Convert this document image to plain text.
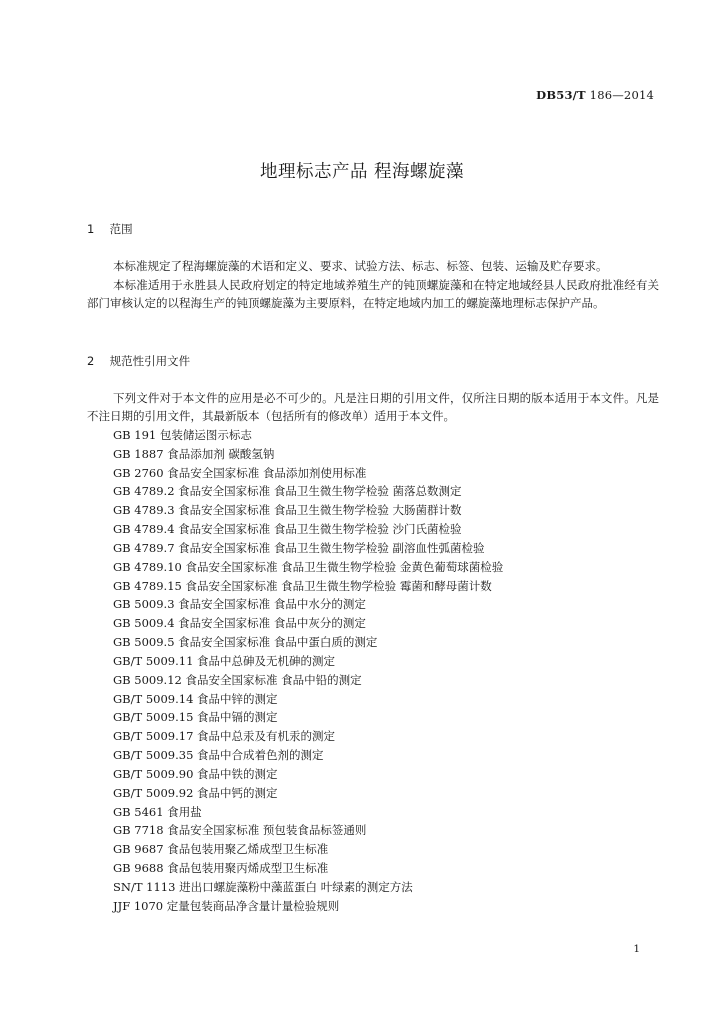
DB53/T 186—2014
地理标志产品 程海螺旋藻
1 范围
本标准规定了程海螺旋藻的术语和定义、要求、试验方法、标志、标签、包装、运输及贮存要求。
本标准适用于永胜县人民政府划定的特定地域养殖生产的钝顶螺旋藻和在特定地域经县人民政府批准经有关部门审核认定的以程海生产的钝顶螺旋藻为主要原料，在特定地域内加工的螺旋藻地理标志保护产品。
2 规范性引用文件
下列文件对于本文件的应用是必不可少的。凡是注日期的引用文件，仅所注日期的版本适用于本文件。凡是不注日期的引用文件，其最新版本（包括所有的修改单）适用于本文件。
GB 191 包装储运图示标志
GB 1887 食品添加剂 碳酸氢钠
GB 2760 食品安全国家标准 食品添加剂使用标准
GB 4789.2 食品安全国家标准 食品卫生微生物学检验 菌落总数测定
GB 4789.3 食品安全国家标准 食品卫生微生物学检验 大肠菌群计数
GB 4789.4 食品安全国家标准 食品卫生微生物学检验 沙门氏菌检验
GB 4789.7 食品安全国家标准 食品卫生微生物学检验 副溶血性弧菌检验
GB 4789.10 食品安全国家标准 食品卫生微生物学检验 金黄色葡萄球菌检验
GB 4789.15 食品安全国家标准 食品卫生微生物学检验 霉菌和酵母菌计数
GB 5009.3 食品安全国家标准 食品中水分的测定
GB 5009.4 食品安全国家标准 食品中灰分的测定
GB 5009.5 食品安全国家标准 食品中蛋白质的测定
GB/T 5009.11 食品中总砷及无机砷的测定
GB 5009.12 食品安全国家标准 食品中铅的测定
GB/T 5009.14 食品中锌的测定
GB/T 5009.15 食品中镉的测定
GB/T 5009.17 食品中总汞及有机汞的测定
GB/T 5009.35 食品中合成着色剂的测定
GB/T 5009.90 食品中铁的测定
GB/T 5009.92 食品中钙的测定
GB 5461 食用盐
GB 7718 食品安全国家标准 预包装食品标签通则
GB 9687 食品包装用聚乙烯成型卫生标准
GB 9688 食品包装用聚丙烯成型卫生标准
SN/T 1113 进出口螺旋藻粉中藻蓝蛋白 叶绿素的测定方法
JJF 1070 定量包装商品净含量计量检验规则
1
